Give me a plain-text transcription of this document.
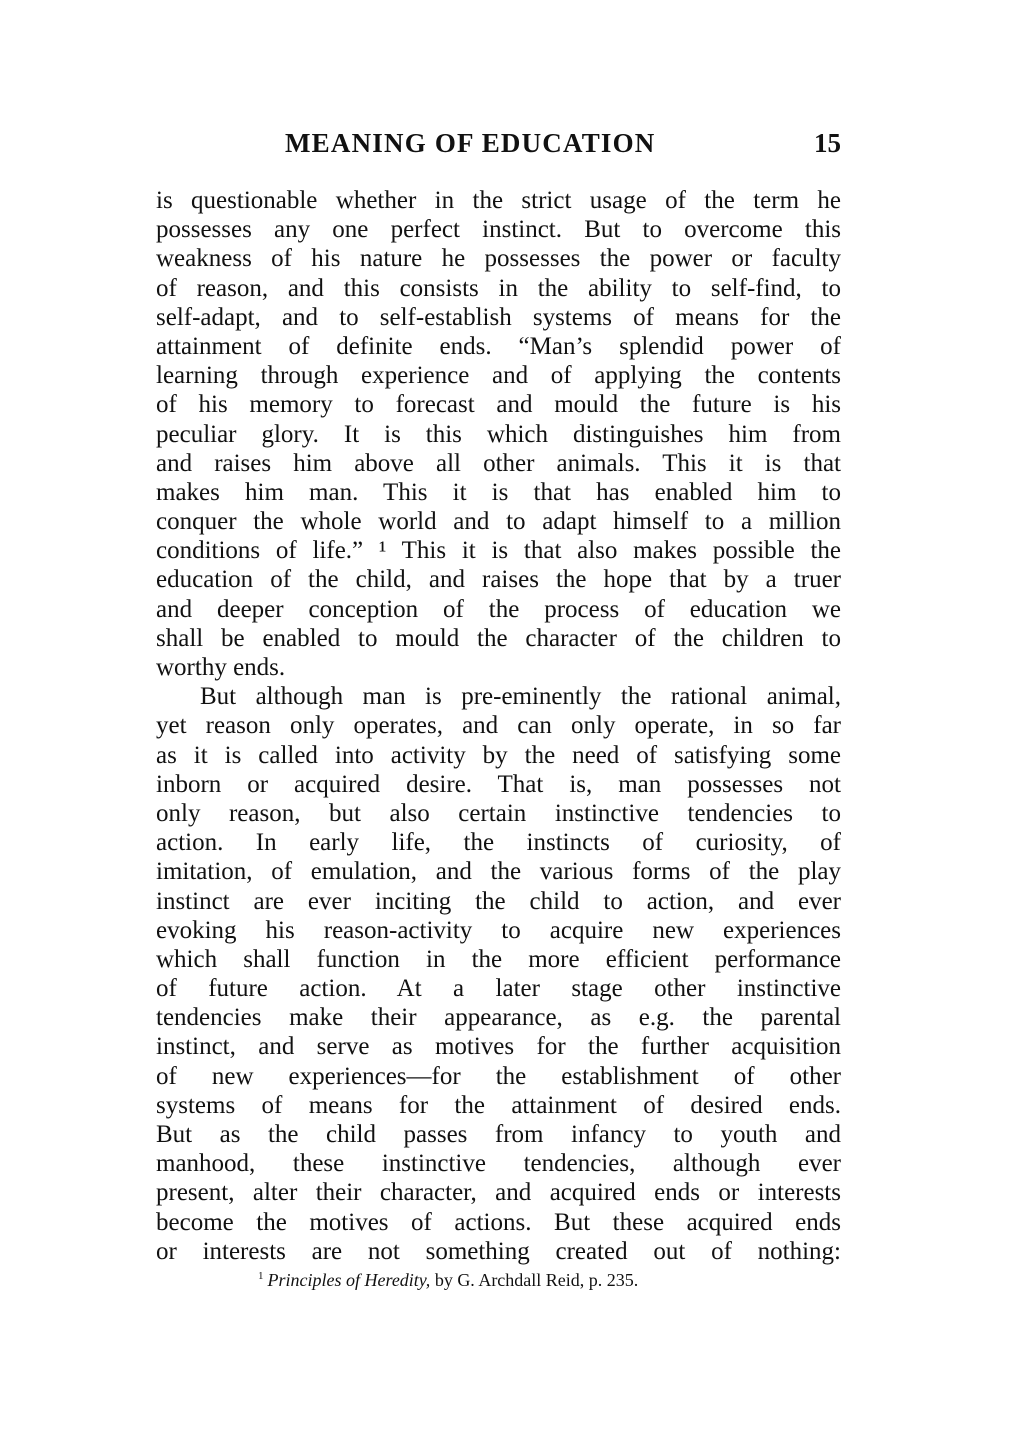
MEANING OF EDUCATION	15
is questionable whether in the strict usage of the term he
possesses any one perfect instinct. But to overcome this
weakness of his nature he possesses the power or faculty
of reason, and this consists in the ability to self-find, to
self-adapt, and to self-establish systems of means for the
attainment of definite ends. “Man’s splendid power of
learning through experience and of applying the contents
of his memory to forecast and mould the future is his
peculiar glory. It is this which distinguishes him from
and raises him above all other animals. This it is that
makes him man. This it is that has enabled him to
conquer the whole world and to adapt himself to a million
conditions of life.” ¹ This it is that also makes possible the
education of the child, and raises the hope that by a truer
and deeper conception of the process of education we
shall be enabled to mould the character of the children to
worthy ends.
But although man is pre-eminently the rational animal,
yet reason only operates, and can only operate, in so far
as it is called into activity by the need of satisfying some
inborn or acquired desire. That is, man possesses not
only reason, but also certain instinctive tendencies to
action. In early life, the instincts of curiosity, of
imitation, of emulation, and the various forms of the play
instinct are ever inciting the child to action, and ever
evoking his reason-activity to acquire new experiences
which shall function in the more efficient performance
of future action. At a later stage other instinctive
tendencies make their appearance, as e.g. the parental
instinct, and serve as motives for the further acquisition
of new experiences—for the establishment of other
systems of means for the attainment of desired ends.
But as the child passes from infancy to youth and
manhood, these instinctive tendencies, although ever
present, alter their character, and acquired ends or interests
become the motives of actions. But these acquired ends
or interests are not something created out of nothing:
$^1$ Principles of Heredity, by G. Archdall Reid, p. 235.
